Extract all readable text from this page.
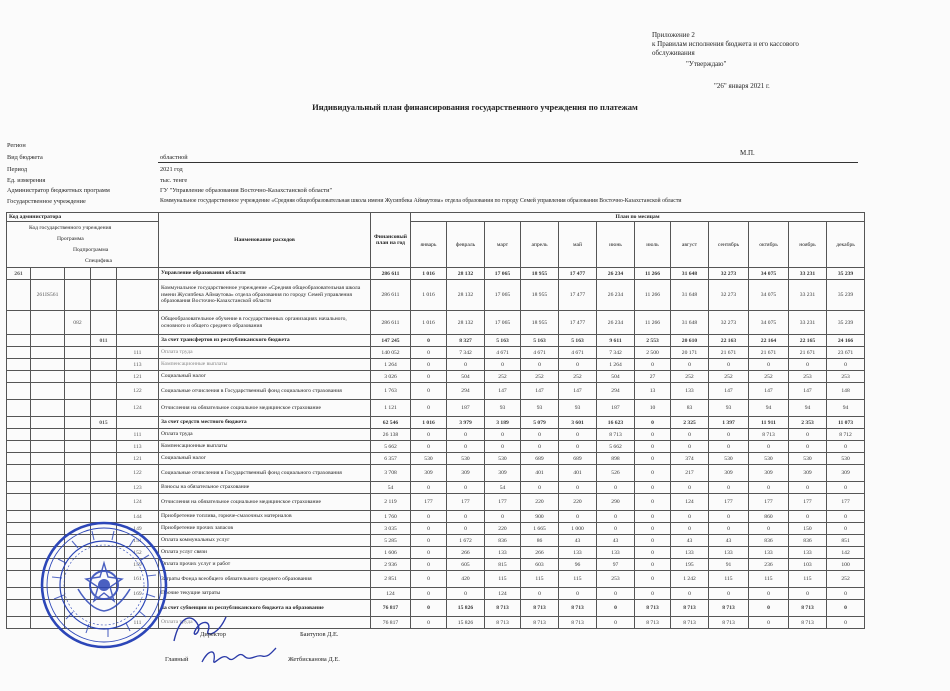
Приложение 2
к Правилам исполнения бюджета и его кассового
обслуживания
"Утверждаю"
"26" января 2021 г.
Индивидуальный план финансирования государственного учреждения по платежам
М.П.
Регион
Вид бюджета	областной
Период	2021 год
Ед. измерения	тыс. тенге
Администратор бюджетных программ	ГУ "Управление образования Восточно-Казахстанской области"
Государственное учреждение	Коммунальное государственное учреждение «Средняя общеобразовательная школа имени Жусипбека Аймаутова» отдела образования по городу Семей управления образования Восточно-Казахстанской области
Код администратора					Наименование расходов	Финансовый план на год	План по месяцам											

Код государственного учреждения
Программа
Подпрограмма
Специфика							январь	февраль	март	апрель	май	июнь	июль	август	сентябрь	октябрь	ноябрь	декабрь
261					Управление образования области	286 611	1 016	28 132	17 065	18 955	17 477	26 234	11 266	31 648	32 273	34 075	33 231	35 239
	261IS561				Коммунальное государственное учреждение «Средняя общеобразовательная школа имени Жусипбека Аймаутова» отдела образования по городу Семей управления образования Восточно-Казахстанской области	286 611	1 016	28 132	17 065	18 955	17 477	26 234	11 266	31 648	32 273	34 075	33 231	35 239
		082			Общеобразовательное обучение в государственных организациях начального, основного и общего среднего образования	286 611	1 016	28 132	17 065	18 955	17 477	26 234	11 266	31 648	32 273	34 075	33 231	35 239
			011		За счет трансфертов из республиканского бюджета	147 245	0	8 327	5 163	5 163	5 163	9 611	2 553	20 610	22 163	22 164	22 165	24 166
				111	Оплата труда	140 052	0	7 342	4 671	4 671	4 671	7 342	2 500	20 171	21 671	21 671	21 671	23 671
				113	Компенсационные выплаты	1 264	0	0	0	0	0	1 264	0	0	0	0	0	0
				121	Социальный налог	3 026	0	504	252	252	252	504	27	252	252	252	253	253
				122	Социальные отчисления в Государственный фонд социального страхования	1 763	0	294	147	147	147	294	13	133	147	147	147	148
				124	Отчисления на обязательное социальное медицинское страхование	1 121	0	187	93	93	93	187	10	83	93	94	94	94
			015		За счет средств местного бюджета	62 546	1 016	3 979	3 189	5 079	3 601	16 623	0	2 325	1 397	11 911	2 353	11 073
				111	Оплата труда	26 138	0	0	0	0	0	8 713	0	0	0	8 713	0	8 712
				113	Компенсационные выплаты	5 662	0	0	0	0	0	5 662	0	0	0	0	0	0
				121	Социальный налог	6 357	530	530	530	689	689	898	0	374	530	530	530	530
				122	Социальные отчисления в Государственный фонд социального страхования	3 708	309	309	309	401	401	526	0	217	309	309	309	309
				123	Взносы на обязательное страхование	54	0	0	54	0	0	0	0	0	0	0	0	0
				124	Отчисления на обязательное социальное медицинское страхование	2 119	177	177	177	220	220	290	0	124	177	177	177	177
				144	Приобретение топлива, горюче-смазочных материалов	1 760	0	0	0	900	0	0	0	0	0	860	0	0
				149	Приобретение прочих запасов	3 035	0	0	220	1 665	1 000	0	0	0	0	0	150	0
				151	Оплата коммунальных услуг	5 285	0	1 672	836	86	43	43	0	43	43	836	836	851
				152	Оплата услуг связи	1 606	0	266	133	266	133	133	0	133	133	133	133	142
				159	Оплата прочих услуг и работ	2 936	0	605	815	603	96	97	0	195	91	236	103	100
				161	Затраты Фонда всеобщего обязательного среднего образования	2 851	0	420	115	115	115	253	0	1 242	115	115	115	252
				169	Прочие текущие затраты	124	0	0	124	0	0	0	0	0	0	0	0	0
					За счет субвенции из республиканского бюджета на образование	76 817	0	15 826	8 713	8 713	8 713	0	8 713	8 713	8 713	0	8 713	0
				111	Оплата труда	76 817	0	15 826	8 713	8 713	8 713	0	8 713	8 713	8 713	0	8 713	0
Директор	Баитупов Д.Е.
Главный	Жетбисканова Д.Е.
